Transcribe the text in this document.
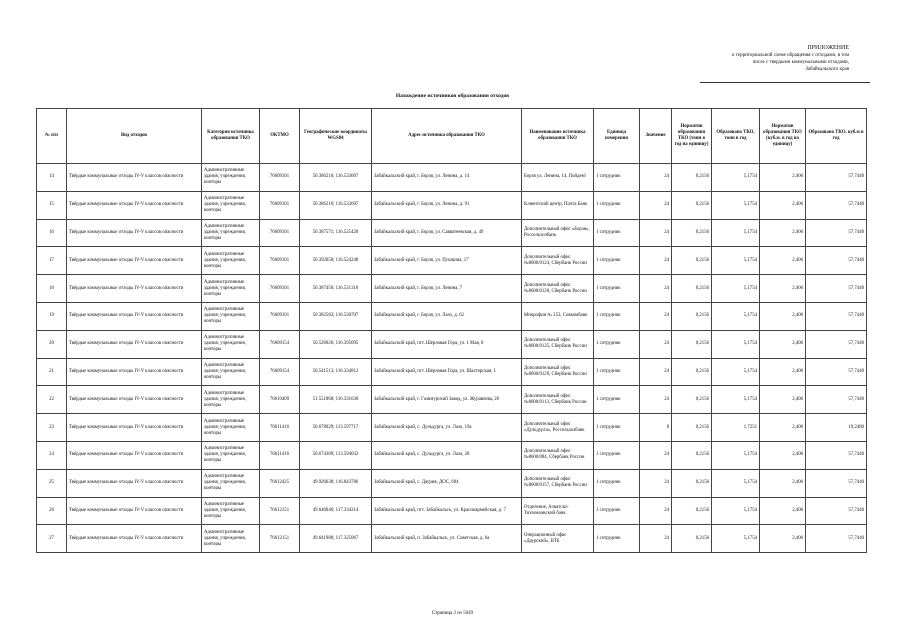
ПРИЛОЖЕНИЕ
к территориальной схеме обращения с отходами, в том
числе с твердыми коммунальными отходами,
Забайкальского края
Нахождение источников образования отходов
№ п/п	Вид отходов	Категория источника образования ТКО	ОКТМО	Географические координаты WGS84	Адрес источника образования ТКО	Наименование источника образования ТКО	Единица измерения	Значение	Норматив образования ТКО (тонн в год на единицу)	Образовано ТКО, тонн в год	Норматив образования ТКО (куб.м. в год на единицу)	Образовано ТКО, куб.м в год
14	Твёрдые коммунальные отходы IV-V классов опасности	Административные здания, учреждения, конторы	76609101	50.386216; 116.533607	Забайкальский край, г. Борзя, ул. Ленина, д. 14	Борзя ул. Ленина, 14, Пойдем!	1 сотрудник	24	0,2156	5,1754	2,406	57,7440
15	Твёрдые коммунальные отходы IV-V классов опасности	Административные здания, учреждения, конторы	76609101	50.386216; 116.533607	Забайкальский край, г. Борзя, ул. Ленина, д. 91	Клиентский центр, Почта Банк	1 сотрудник	24	0,2156	5,1754	2,406	57,7440
16	Твёрдые коммунальные отходы IV-V классов опасности	Административные здания, учреждения, конторы	76609101	50.387571; 116.525420	Забайкальский край, г. Борзя, ул. Савватеевская, д. 49	Дополнительный офис «Борзя», Россельхозбанк	1 сотрудник	24	0,2156	5,1754	2,406	57,7440
17	Твёрдые коммунальные отходы IV-V классов опасности	Административные здания, учреждения, конторы	76609101	50.392058; 116.524248	Забайкальский край, г. Борзя, ул. Пушкина, 17	Дополнительный офис №8600/0124, Сбербанк России	1 сотрудник	24	0,2156	5,1754	2,406	57,7440
18	Твёрдые коммунальные отходы IV-V классов опасности	Административные здания, учреждения, конторы	76609101	50.387456; 116.531318	Забайкальский край, г. Борзя, ул. Ленина, 7	Дополнительный офис №8600/0128, Сбербанк России	1 сотрудник	24	0,2156	5,1754	2,406	57,7440
19	Твёрдые коммунальные отходы IV-V классов опасности	Административные здания, учреждения, конторы	76609101	50.382583; 116.530707	Забайкальский край, г. Борзя, ул. Лазо, д. 62	Микрофин № 253, Совкомбанк	1 сотрудник	24	0,2156	5,1754	2,406	57,7440
20	Твёрдые коммунальные отходы IV-V классов опасности	Административные здания, учреждения, конторы	76609154	50.526026; 116.395095	Забайкальский край, пгт. Шерловая Гора, ул. 1 Мая, 8	Дополнительный офис №8600/0125, Сбербанк России	1 сотрудник	24	0,2156	5,1754	2,406	57,7440
21	Твёрдые коммунальные отходы IV-V классов опасности	Административные здания, учреждения, конторы	76609154	50.541513; 116.334812	Забайкальский край, пгт. Шерловая Гора, ул. Шахтерская, 1	Дополнительный офис №8600/0129, Сбербанк России	1 сотрудник	24	0,2156	5,1754	2,406	57,7440
22	Твёрдые коммунальные отходы IV-V классов опасности	Административные здания, учреждения, конторы	76610409	51.551868; 116.331630	Забайкальский край, г. Газимурский Завод, ул. Журавлева, 28	Дополнительный офис №8600/0113, Сбербанк России	1 сотрудник	24	0,2156	5,1754	2,406	57,7440
23	Твёрдые коммунальные отходы IV-V классов опасности	Административные здания, учреждения, конторы	76611416	50.678029; 113.597717	Забайкальский край, с. Дульдурга, ул. Лазо, 19а	Дополнительный офис «Дульдурга», Россельхозбанк	1 сотрудник	8	0,2156	1,7251	2,406	19,2480
24	Твёрдые коммунальные отходы IV-V классов опасности	Административные здания, учреждения, конторы	76611416	50.674389; 113.594032	Забайкальский край, с. Дульдурга, ул. Лазо, 28	Дополнительный офис №8600/084, Сбербанк России	1 сотрудник	24	0,2156	5,1754	2,406	57,7440
25	Твёрдые коммунальные отходы IV-V классов опасности	Административные здания, учреждения, конторы	76612425	49.926638; 116.843786	Забайкальский край, с. Даурия, ДОС, 604	Дополнительный офис №8600/0157, Сбербанк России	1 сотрудник	24	0,2156	5,1754	2,406	57,7440
26	Твёрдые коммунальные отходы IV-V классов опасности	Административные здания, учреждения, конторы	76612151	49.640046; 117.334214	Забайкальский край, пгт. Забайкальск, ул. Красноармейская, д. 7	Отделение, Азиатско-Тихоокеанский банк	1 сотрудник	24	0,2156	5,1754	2,406	57,7440
27	Твёрдые коммунальные отходы IV-V классов опасности	Административные здания, учреждения, конторы	76612151	49.641980; 117.325067	Забайкальский край, п. Забайкальск, ул. Советская, д. 6а	Операционный офис «Даурский», ВТБ	1 сотрудник	24	0,2156	5,1754	2,406	57,7440
Страница 2 из 5049
